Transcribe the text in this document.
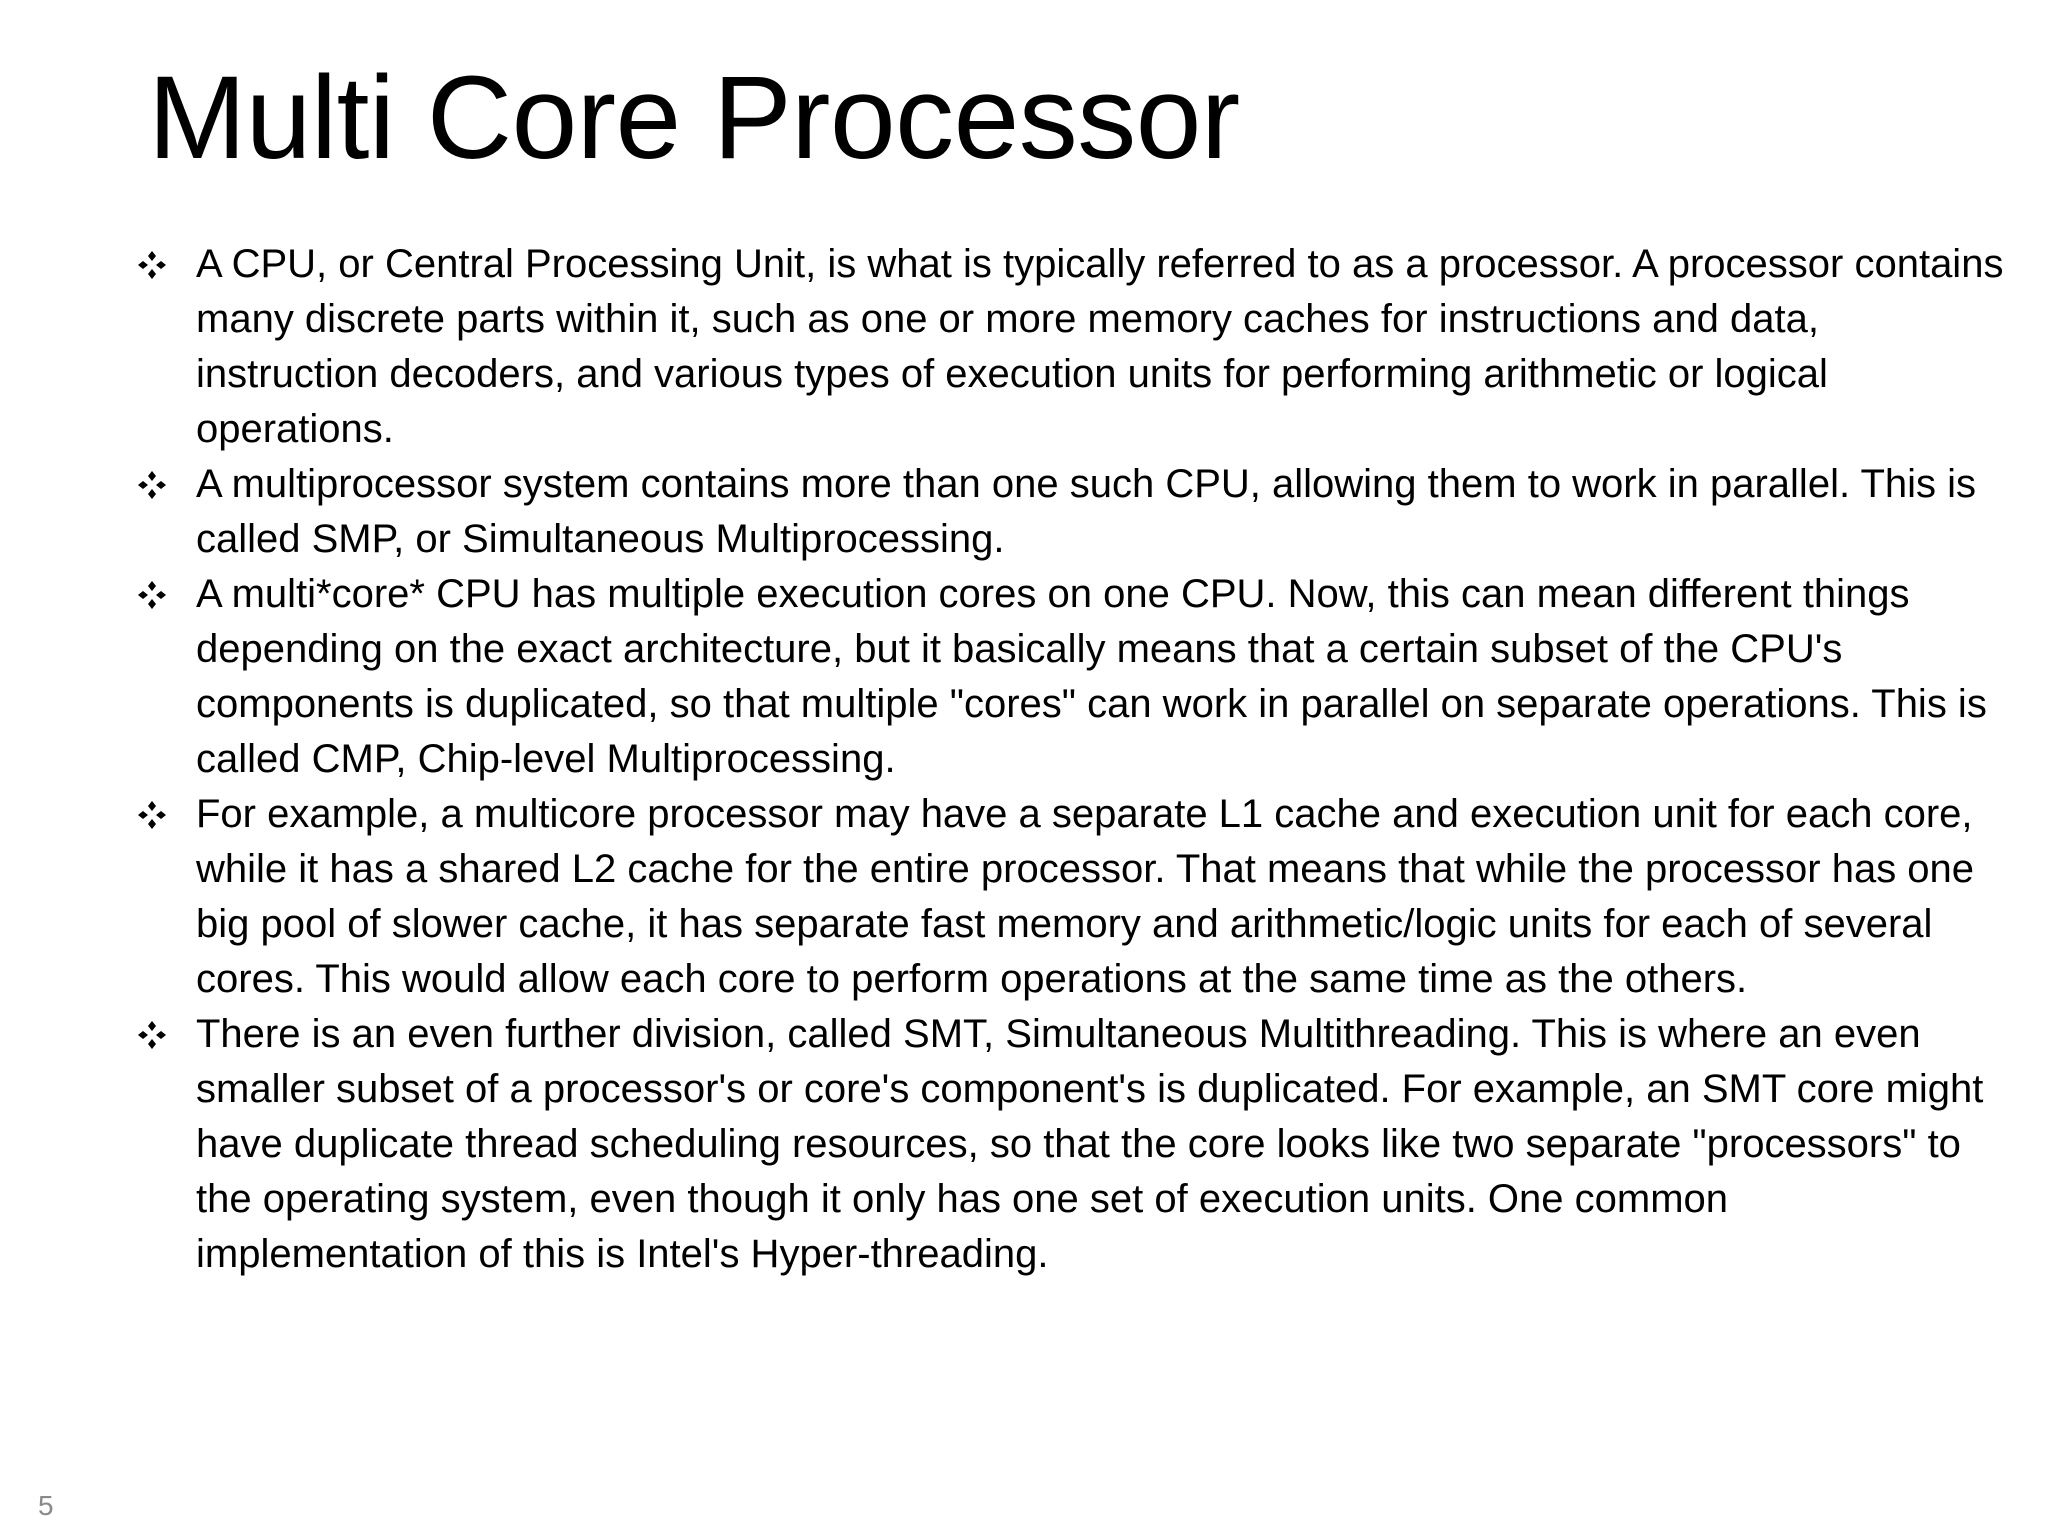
Multi Core Processor
A CPU, or Central Processing Unit, is what is typically referred to as a processor. A processor contains many discrete parts within it, such as one or more memory caches for instructions and data, instruction decoders, and various types of execution units for performing arithmetic or logical operations.
A multiprocessor system contains more than one such CPU, allowing them to work in parallel. This is called SMP, or Simultaneous Multiprocessing.
A multi*core* CPU has multiple execution cores on one CPU. Now, this can mean different things depending on the exact architecture, but it basically means that a certain subset of the CPU's components is duplicated, so that multiple "cores" can work in parallel on separate operations. This is called CMP, Chip-level Multiprocessing.
For example, a multicore processor may have a separate L1 cache and execution unit for each core, while it has a shared L2 cache for the entire processor. That means that while the processor has one big pool of slower cache, it has separate fast memory and arithmetic/logic units for each of several cores. This would allow each core to perform operations at the same time as the others.
There is an even further division, called SMT, Simultaneous Multithreading. This is where an even smaller subset of a processor's or core's component's is duplicated. For example, an SMT core might have duplicate thread scheduling resources, so that the core looks like two separate "processors" to the operating system, even though it only has one set of execution units. One common implementation of this is Intel's Hyper-threading.
5
